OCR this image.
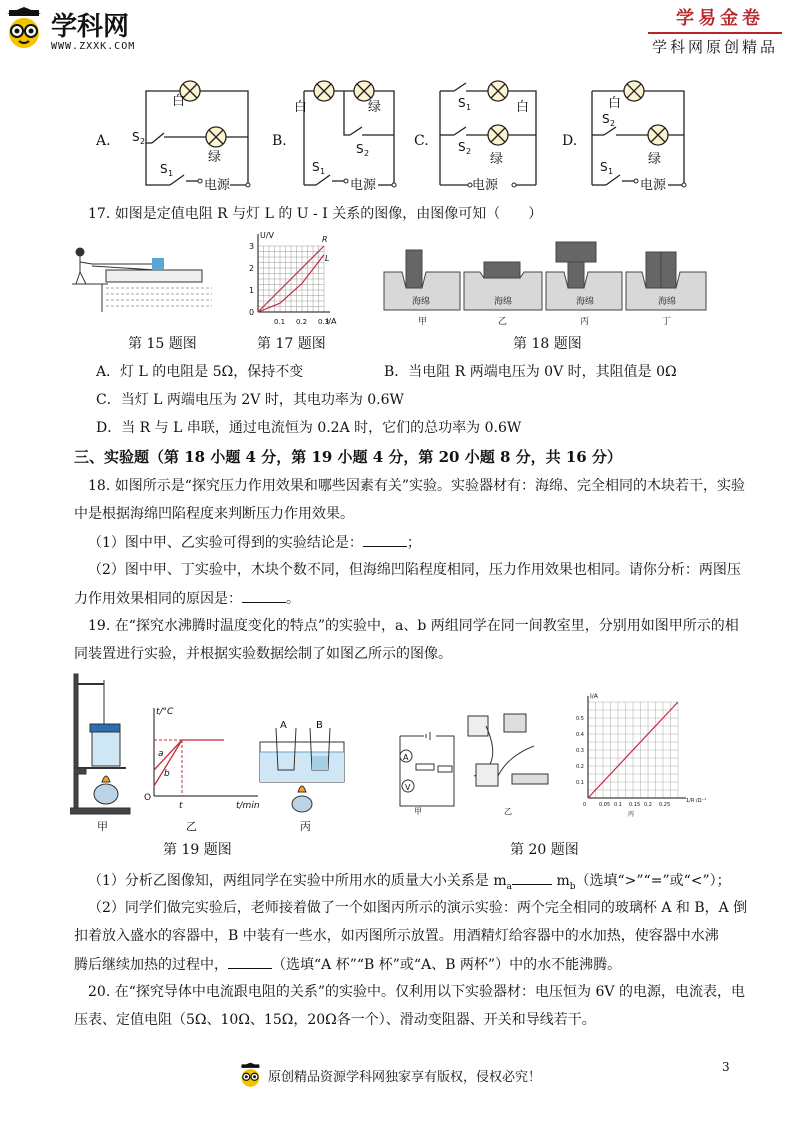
学科网
WWW.ZXXK.COM
学易金卷
学科网原创精品
A.
白
绿
S 2
S 1
电源
B.
白	绿
S 2
S 1
电源
C.
S 1	白
S 2
绿
电源
D.
白
S 2
绿
S 1
电源
17. 如图是定值电阻 R 与灯 L 的 U - I 关系的图像，由图像可知（　　）
第 15 题图
U/V
I/A
3
2
1
0
0.1 0.2 0.3
R
L
第 17 题图
海绵	海绵	海绵	海绵
甲	乙	丙	丁
第 18 题图
A．灯 L 的电阻是 5Ω，保持不变	B．当电阻 R 两端电压为 0V 时，其阻值是 0Ω
C．当灯 L 两端电压为 2V 时，其电功率为 0.6W
D．当 R 与 L 串联，通过电流恒为 0.2A 时，它们的总功率为 0.6W
三、实验题（第 18 小题 4 分，第 19 小题 4 分，第 20 小题 8 分，共 16 分）
18. 如图所示是“探究压力作用效果和哪些因素有关”实验。实验器材有：海绵、完全相同的木块若干，实验
中是根据海绵凹陷程度来判断压力作用效果。
（1）图中甲、乙实验可得到的实验结论是：	；
（2）图中甲、丁实验中，木块个数不同，但海绵凹陷程度相同，压力作用效果也相同。请你分析：两图压
力作用效果相同的原因是：	。
19. 在“探究水沸腾时温度变化的特点”的实验中，a、b 两组同学在同一间教室里，分别用如图甲所示的相
同装置进行实验，并根据实验数据绘制了如图乙所示的图像。
甲
t/°C
t/min
a
b
t
O
乙
A	B
丙
第 19 题图
A
V
甲	乙
I/A
0.5
0.4
0.3
0.2
0.1
0	0.05 0.1 0.15 0.2 0.25
1/R /Ω⁻¹
丙
第 20 题图
（1）分析乙图像知，两组同学在实验中所用水的质量大小关系是 $m_a$	$m_b$（选填“>”“=”或“<”）；
（2）同学们做完实验后，老师接着做了一个如图丙所示的演示实验：两个完全相同的玻璃杯 A 和 B，A 倒
扣着放入盛水的容器中，B 中装有一些水，如丙图所示放置。用酒精灯给容器中的水加热，使容器中水沸
腾后继续加热的过程中，	（选填“A 杯”“B 杯”或“A、B 两杯”）中的水不能沸腾。
20. 在“探究导体中电流跟电阻的关系”的实验中。仅利用以下实验器材：电压恒为 6V 的电源，电流表，电
压表、定值电阻（5Ω、10Ω、15Ω，20Ω各一个）、滑动变阻器、开关和导线若干。
原创精品资源学科网独家享有版权，侵权必究！
3
